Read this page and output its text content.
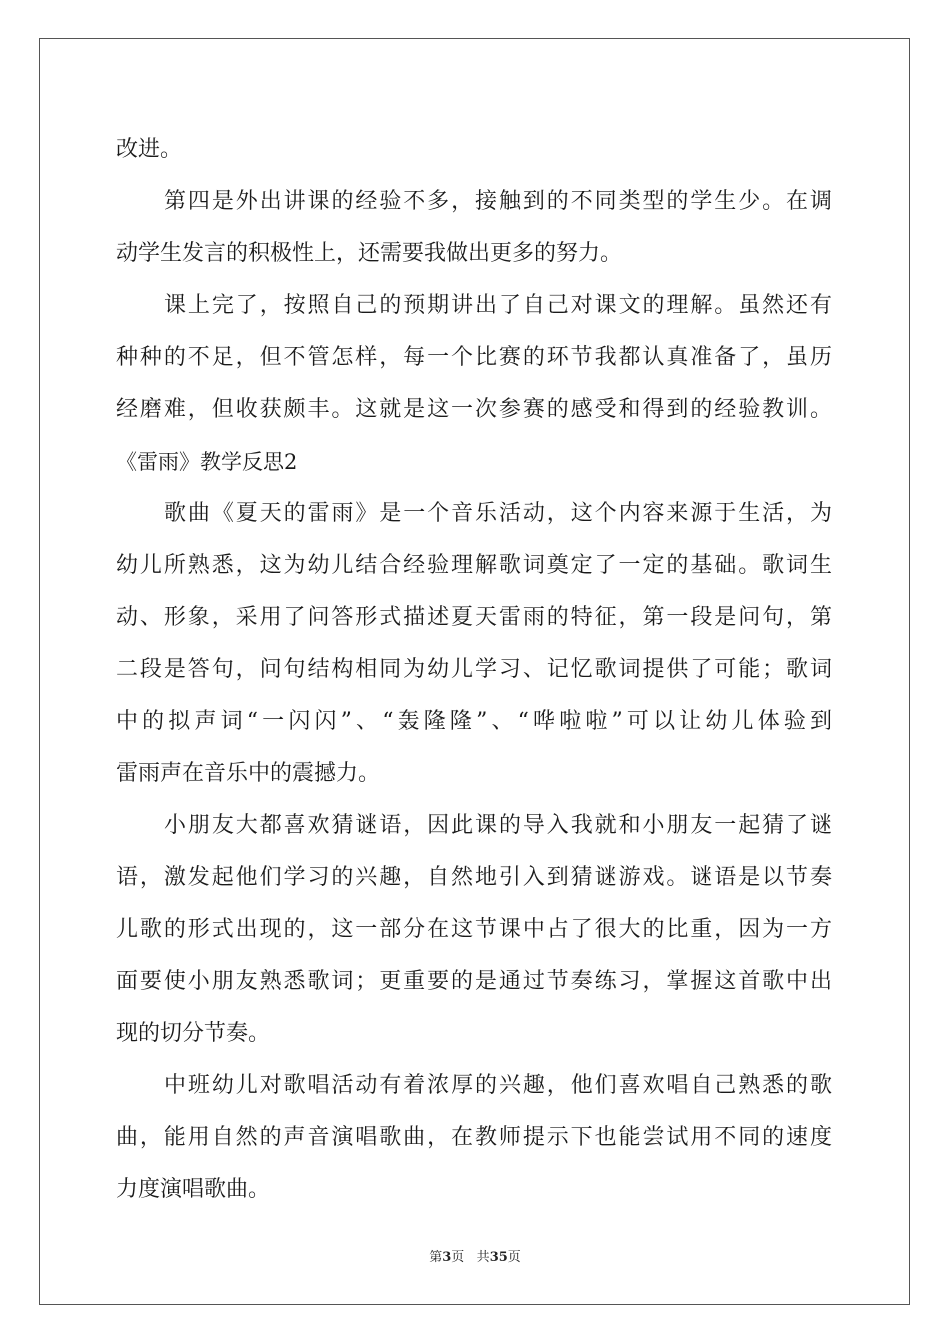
改进。
第四是外出讲课的经验不多，接触到的不同类型的学生少。在调
动学生发言的积极性上，还需要我做出更多的努力。
课上完了，按照自己的预期讲出了自己对课文的理解。虽然还有
种种的不足，但不管怎样，每一个比赛的环节我都认真准备了，虽历
经磨难，但收获颇丰。这就是这一次参赛的感受和得到的经验教训。
《雷雨》教学反思2
歌曲《夏天的雷雨》是一个音乐活动，这个内容来源于生活，为
幼儿所熟悉，这为幼儿结合经验理解歌词奠定了一定的基础。歌词生
动、形象，采用了问答形式描述夏天雷雨的特征，第一段是问句，第
二段是答句，问句结构相同为幼儿学习、记忆歌词提供了可能；歌词
中的拟声词“一闪闪”、“轰隆隆”、“哗啦啦”可以让幼儿体验到
雷雨声在音乐中的震撼力。
小朋友大都喜欢猜谜语，因此课的导入我就和小朋友一起猜了谜
语，激发起他们学习的兴趣，自然地引入到猜谜游戏。谜语是以节奏
儿歌的形式出现的，这一部分在这节课中占了很大的比重，因为一方
面要使小朋友熟悉歌词；更重要的是通过节奏练习，掌握这首歌中出
现的切分节奏。
中班幼儿对歌唱活动有着浓厚的兴趣，他们喜欢唱自己熟悉的歌
曲，能用自然的声音演唱歌曲，在教师提示下也能尝试用不同的速度
力度演唱歌曲。
第3页 共35页
